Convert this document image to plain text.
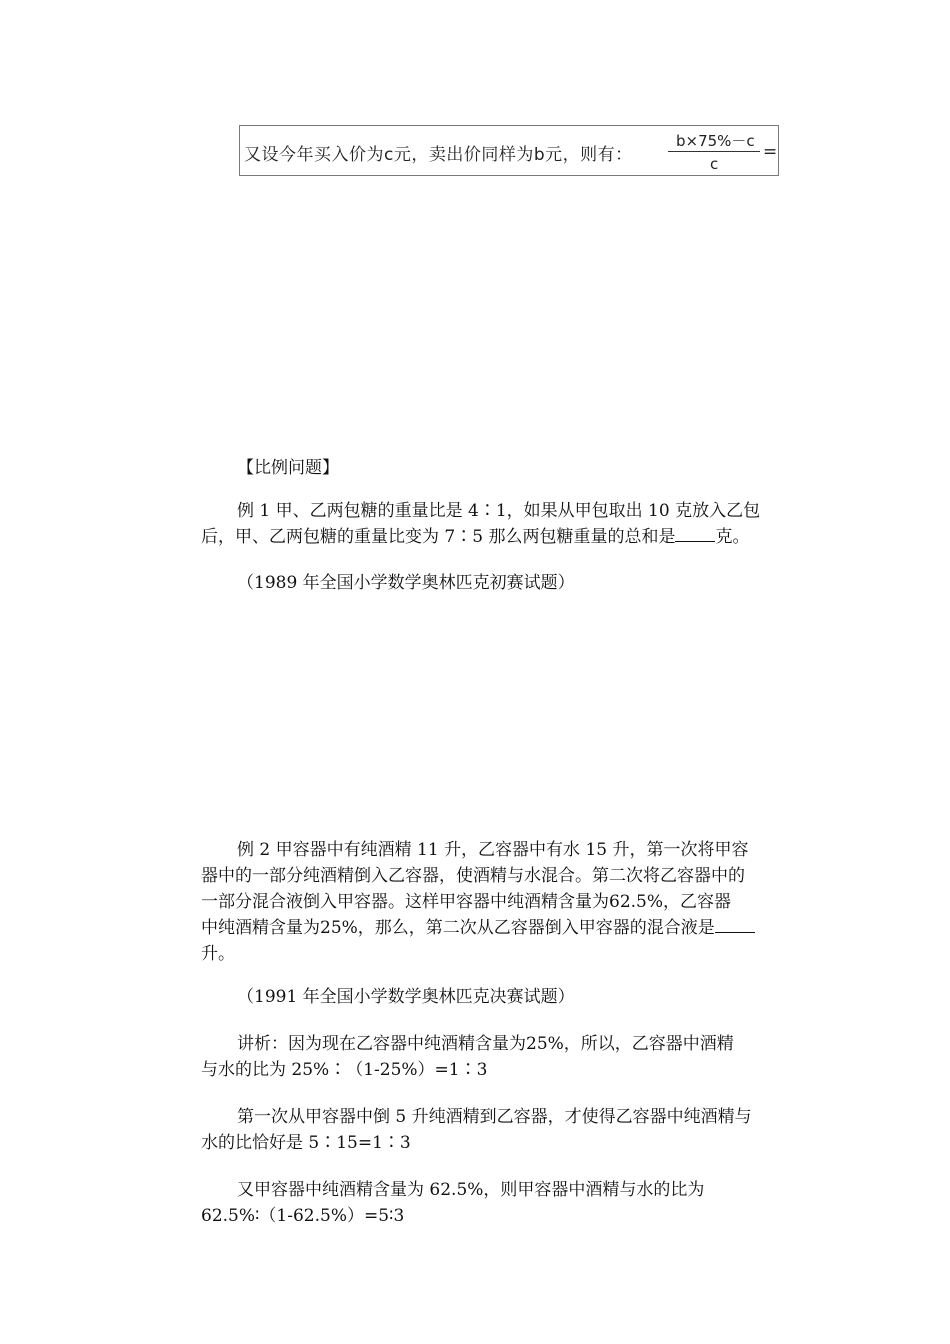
又设今年买入价为c元，卖出价同样为b元，则有：
b×75%－c
c
=

【比例问题】

例 1 甲、乙两包糖的重量比是 4∶1，如果从甲包取出 10 克放入乙包
后，甲、乙两包糖的重量比变为 7∶5 那么两包糖重量的总和是 克。

（1989 年全国小学数学奥林匹克初赛试题）

例 2 甲容器中有纯酒精 11 升，乙容器中有水 15 升，第一次将甲容
器中的一部分纯酒精倒入乙容器，使酒精与水混合。第二次将乙容器中的
一部分混合液倒入甲容器。这样甲容器中纯酒精含量为62.5%，乙容器
中纯酒精含量为25%，那么，第二次从乙容器倒入甲容器的混合液是
升。

（1991 年全国小学数学奥林匹克决赛试题）

讲析：因为现在乙容器中纯酒精含量为25%，所以，乙容器中酒精
与水的比为 25%∶（1-25%）=1∶3

第一次从甲容器中倒 5 升纯酒精到乙容器，才使得乙容器中纯酒精与
水的比恰好是 5∶15=1∶3

又甲容器中纯酒精含量为 62.5%，则甲容器中酒精与水的比为
62.5%∶（1-62.5%）=5∶3
